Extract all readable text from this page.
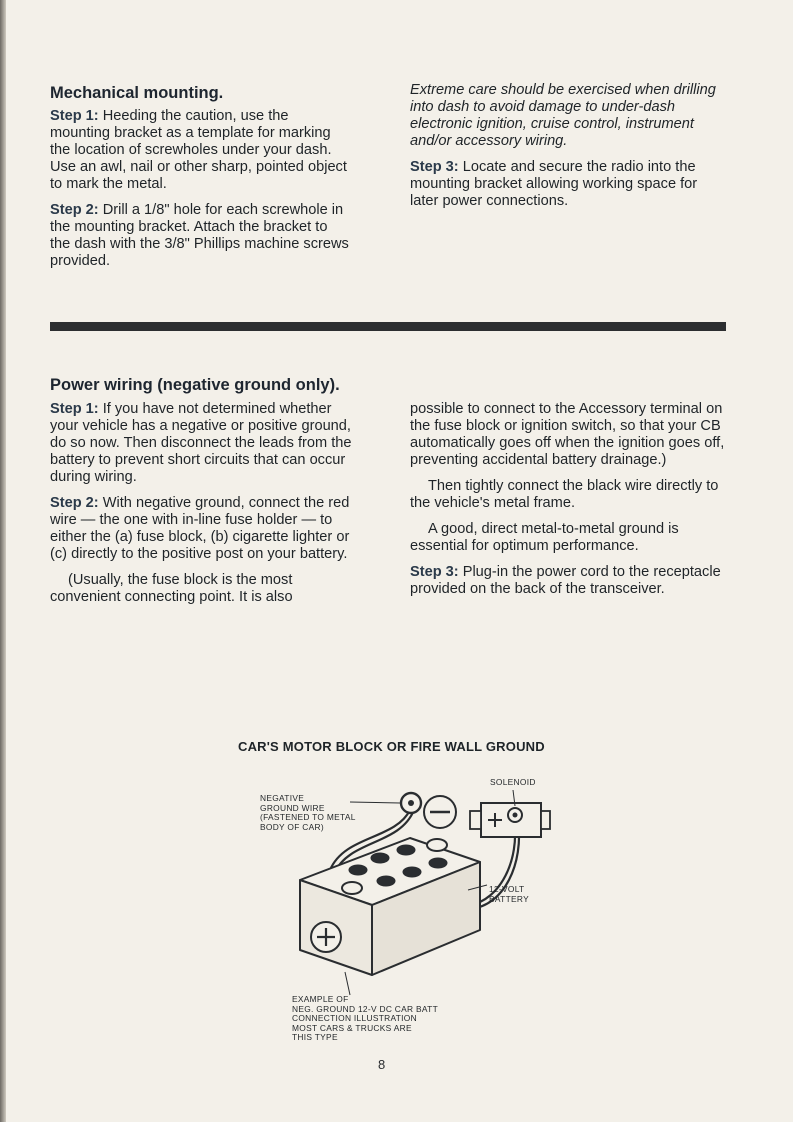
Mechanical mounting.

Step 1: Heeding the caution, use the mounting bracket as a template for marking the location of screwholes under your dash. Use an awl, nail or other sharp, pointed object to mark the metal.

Step 2: Drill a 1/8" hole for each screwhole in the mounting bracket. Attach the bracket to the dash with the 3/8" Phillips machine screws provided.

Extreme care should be exercised when drilling into dash to avoid damage to under-dash electronic ignition, cruise control, instrument and/or accessory wiring.

Step 3: Locate and secure the radio into the mounting bracket allowing working space for later power connections.

Power wiring (negative ground only).

Step 1: If you have not determined whether your vehicle has a negative or positive ground, do so now. Then disconnect the leads from the battery to prevent short circuits that can occur during wiring.

Step 2: With negative ground, connect the red wire — the one with in-line fuse holder — to either the (a) fuse block, (b) cigarette lighter or (c) directly to the positive post on your battery.

(Usually, the fuse block is the most convenient connecting point. It is also

possible to connect to the Accessory terminal on the fuse block or ignition switch, so that your CB automatically goes off when the ignition goes off, preventing accidental battery drainage.)

Then tightly connect the black wire directly to the vehicle's metal frame.

A good, direct metal-to-metal ground is essential for optimum performance.

Step 3: Plug-in the power cord to the receptacle provided on the back of the transceiver.

CAR'S MOTOR BLOCK OR FIRE WALL GROUND
SOLENOID
NEGATIVE
GROUND WIRE
(FASTENED TO METAL
BODY OF CAR)
12-VOLT
BATTERY
EXAMPLE OF
NEG. GROUND 12-V DC CAR BATT
CONNECTION ILLUSTRATION
MOST CARS & TRUCKS ARE
THIS TYPE
8
